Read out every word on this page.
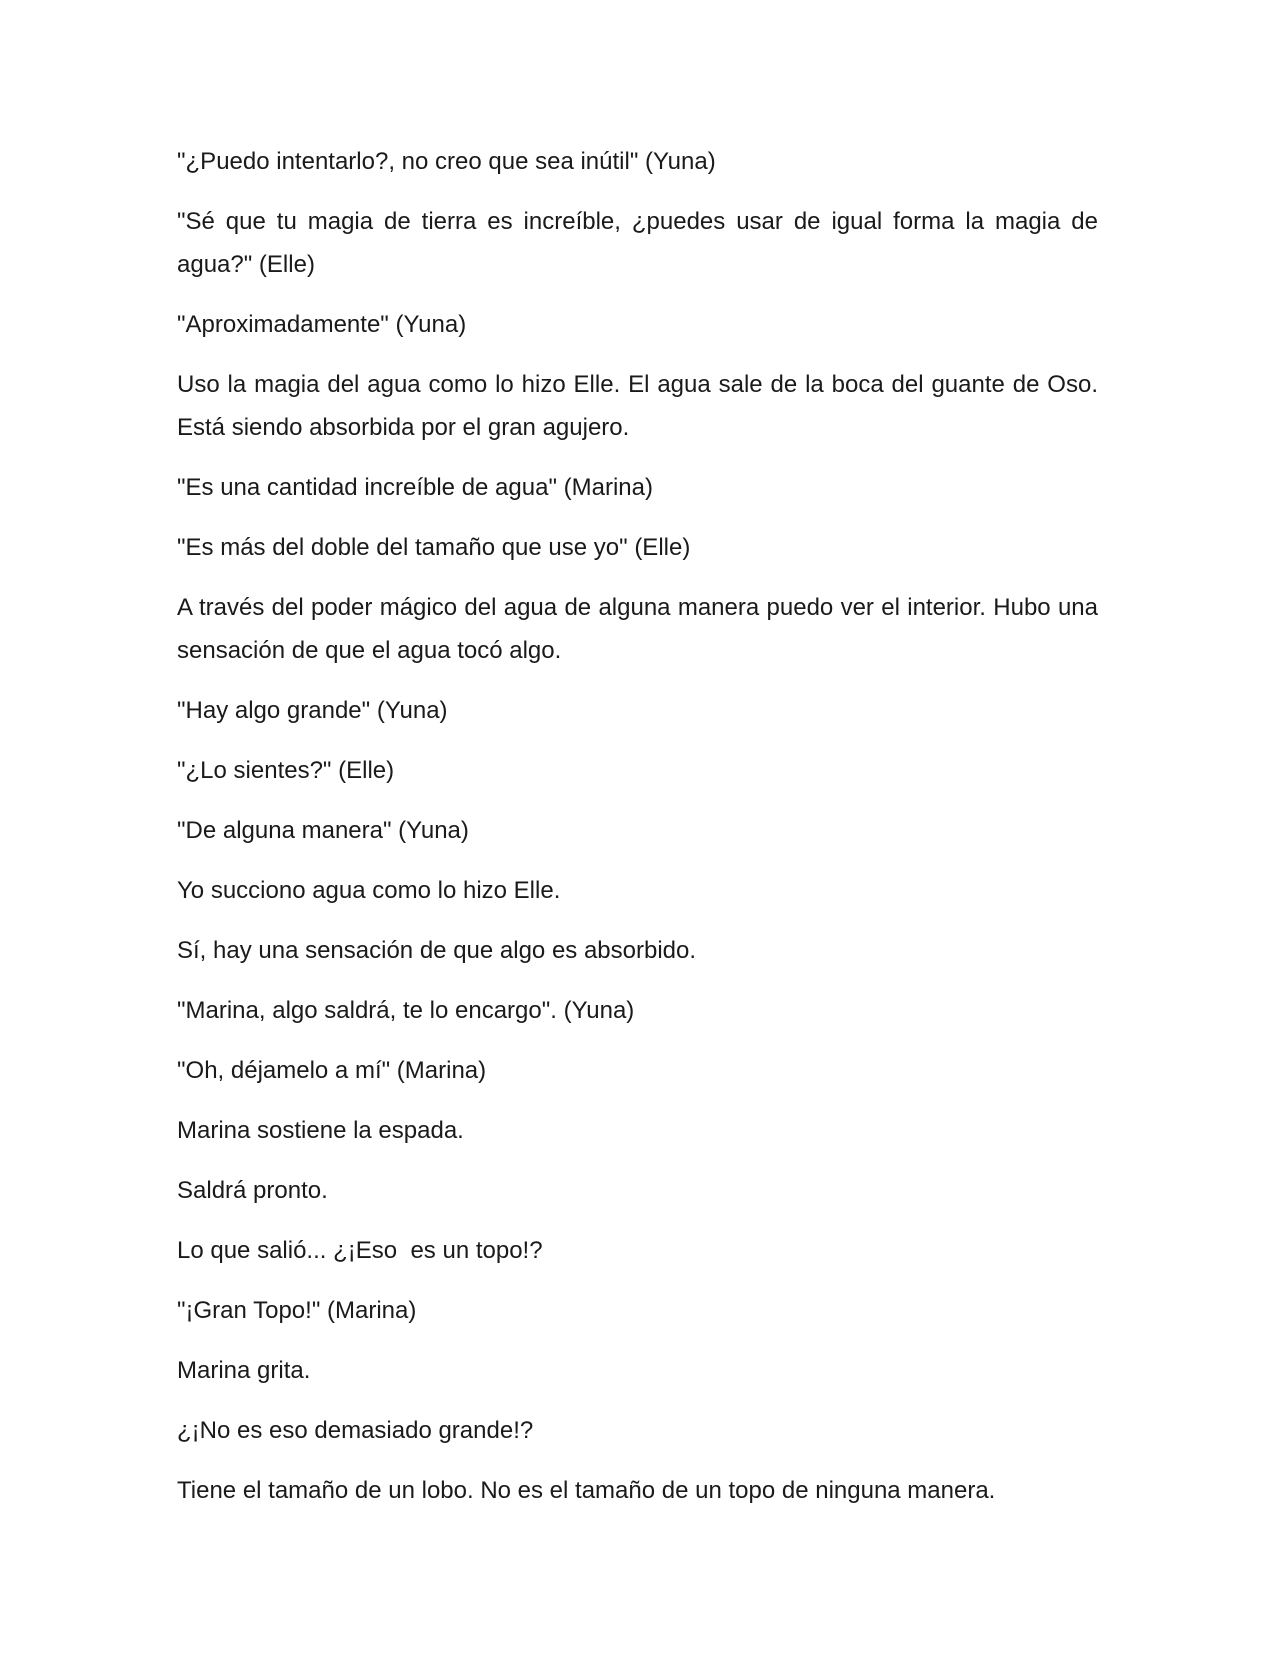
"¿Puedo intentarlo?, no creo que sea inútil" (Yuna)

"Sé que tu magia de tierra es increíble, ¿puedes usar de igual forma la magia de agua?" (Elle)

"Aproximadamente" (Yuna)

Uso la magia del agua como lo hizo Elle. El agua sale de la boca del guante de Oso. Está siendo absorbida por el gran agujero.

"Es una cantidad increíble de agua" (Marina)

"Es más del doble del tamaño que use yo" (Elle)

A través del poder mágico del agua de alguna manera puedo ver el interior. Hubo una sensación de que el agua tocó algo.

"Hay algo grande" (Yuna)

"¿Lo sientes?" (Elle)

"De alguna manera" (Yuna)

Yo succiono agua como lo hizo Elle.

Sí, hay una sensación de que algo es absorbido.

"Marina, algo saldrá, te lo encargo". (Yuna)

"Oh, déjamelo a mí" (Marina)

Marina sostiene la espada.

Saldrá pronto.

Lo que salió... ¿¡Eso  es un topo!?

"¡Gran Topo!" (Marina)

Marina grita.

¿¡No es eso demasiado grande!?

Tiene el tamaño de un lobo. No es el tamaño de un topo de ninguna manera.
